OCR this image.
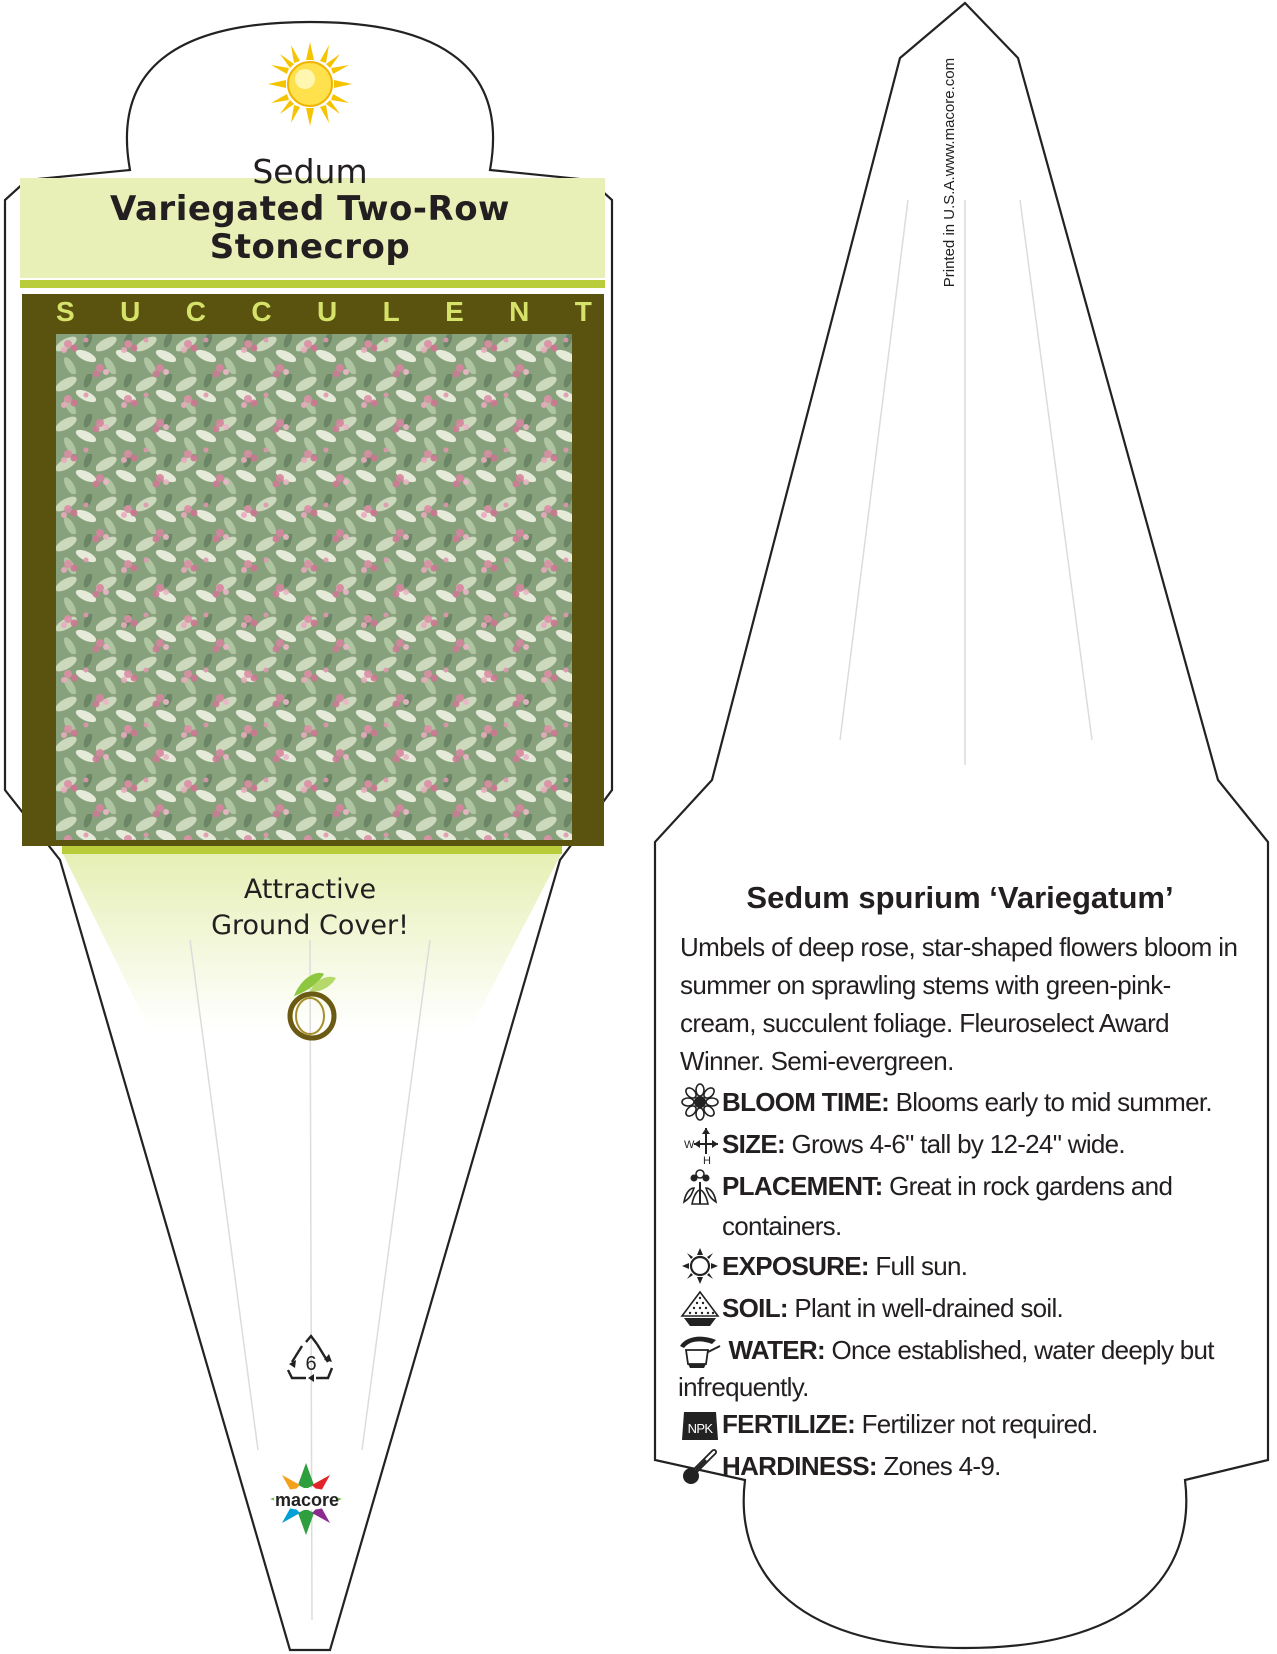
Sedum
Variegated Two-Row
Stonecrop
S U C C U L E N T
Attractive
Ground Cover!
6
macore
Printed in U.S.A.
www.macore.com
Sedum spurium ‘Variegatum’
Umbels of deep rose, star-shaped flowers bloom in summer on sprawling stems with green-pink-cream, succulent foliage. Fleuroselect Award Winner. Semi-evergreen.
BLOOM TIME: Blooms early to mid summer.
W
H
SIZE: Grows 4-6" tall by 12-24" wide.
PLACEMENT: Great in rock gardens and containers.
EXPOSURE: Full sun.
SOIL: Plant in well-drained soil.
WATER: Once established, water deeply but
infrequently.
NPK FERTILIZE: Fertilizer not required.
HARDINESS: Zones 4-9.
